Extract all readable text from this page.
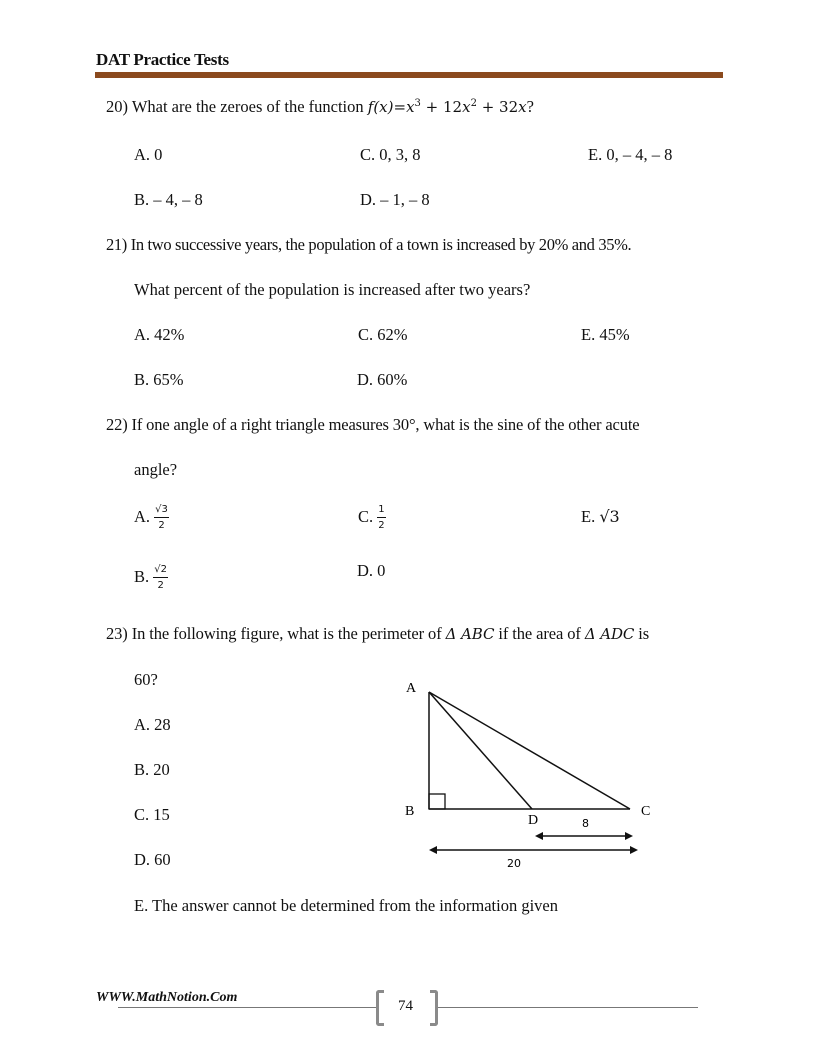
DAT Practice Tests
20) What are the zeroes of the function $f(x)=x^3 + 12x^2 + 32x$?
A. 0	C. 0, 3, 8	E. 0, – 4, – 8
B. – 4, – 8	D. – 1, – 8
21) In two successive years, the population of a town is increased by 20% and 35%.
What percent of the population is increased after two years?
A. 42%	C. 62%	E. 45%
B. 65%	D. 60%
22) If one angle of a right triangle measures 30°, what is the sine of the other acute
angle?
A. $\frac{√3}{2}$	C. $\frac{1}{2}$	E. √3
B. $\frac{√2}{2}$	D. 0
23) In the following figure, what is the perimeter of Δ ABC if the area of Δ ADC is
60?
A. 28
B. 20
C. 15
D. 60
E. The answer cannot be determined from the information given
A
B	C
D	8
20
74
WWW.MathNotion.Com
